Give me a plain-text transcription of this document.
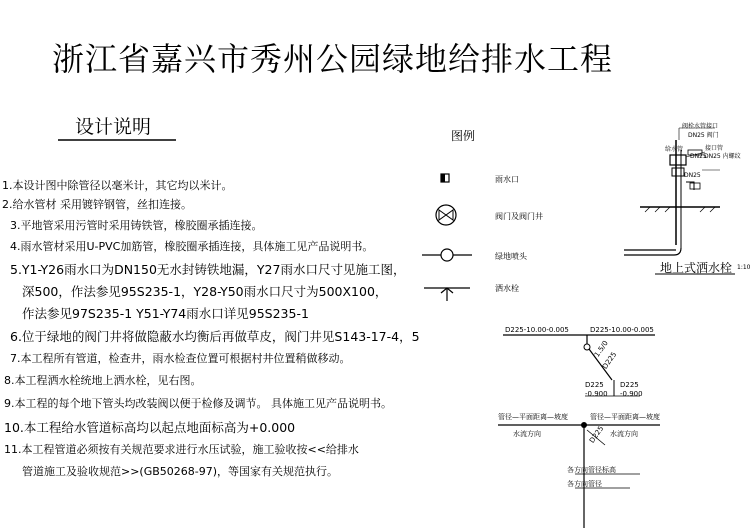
浙江省嘉兴市秀州公园绿地给排水工程
设计说明
1.本设计图中除管径以毫米计，其它均以米计。
2.给水管材 采用镀锌钢管，丝扣连接。
3.平地管采用污管时采用铸铁管，橡胶圈承插连接。
4.雨水管材采用U-PVC加筋管，橡胶圈承插连接，具体施工见产品说明书。
5.Y1-Y26雨水口为DN150无水封铸铁地漏，Y27雨水口尺寸见施工图，
深500，作法参见95S235-1，Y28-Y50雨水口尺寸为500X100，
作法参见97S235-1 Y51-Y74雨水口详见95S235-1
6.位于绿地的阀门井将做隐蔽水均衡后再做草皮，阀门井见S143-17-4，5
7.本工程所有管道，检查井，雨水检查位置可根据村井位置稍做移动。
8.本工程洒水栓统地上洒水栓，见右图。
9.本工程的每个地下管头均改装阀以便于检修及调节。 具体施工见产品说明书。
10.本工程给水管道标高均以起点地面标高为+0.000
11.本工程管道必须按有关规范要求进行水压试验，施工验收按<<给排水
管道施工及验收规范>>(GB50268-97)，等国家有关规范执行。
图例
雨水口
阀门及阀门井
绿地喷头
洒水栓
阀栓水管接口
DN25 阀门
给水管
DN25
接口管
DN25 内螺纹
DN25
地上式洒水栓 1:10
D225-10.00-0.005	D225-10.00-0.005
1.5/0
D225
D225
-0.900
D225
-0.900
管径—平面距离—坡度
水流方向
管径—平面距离—坡度
水流方向
D225
各方向管径标高
各方向管径
